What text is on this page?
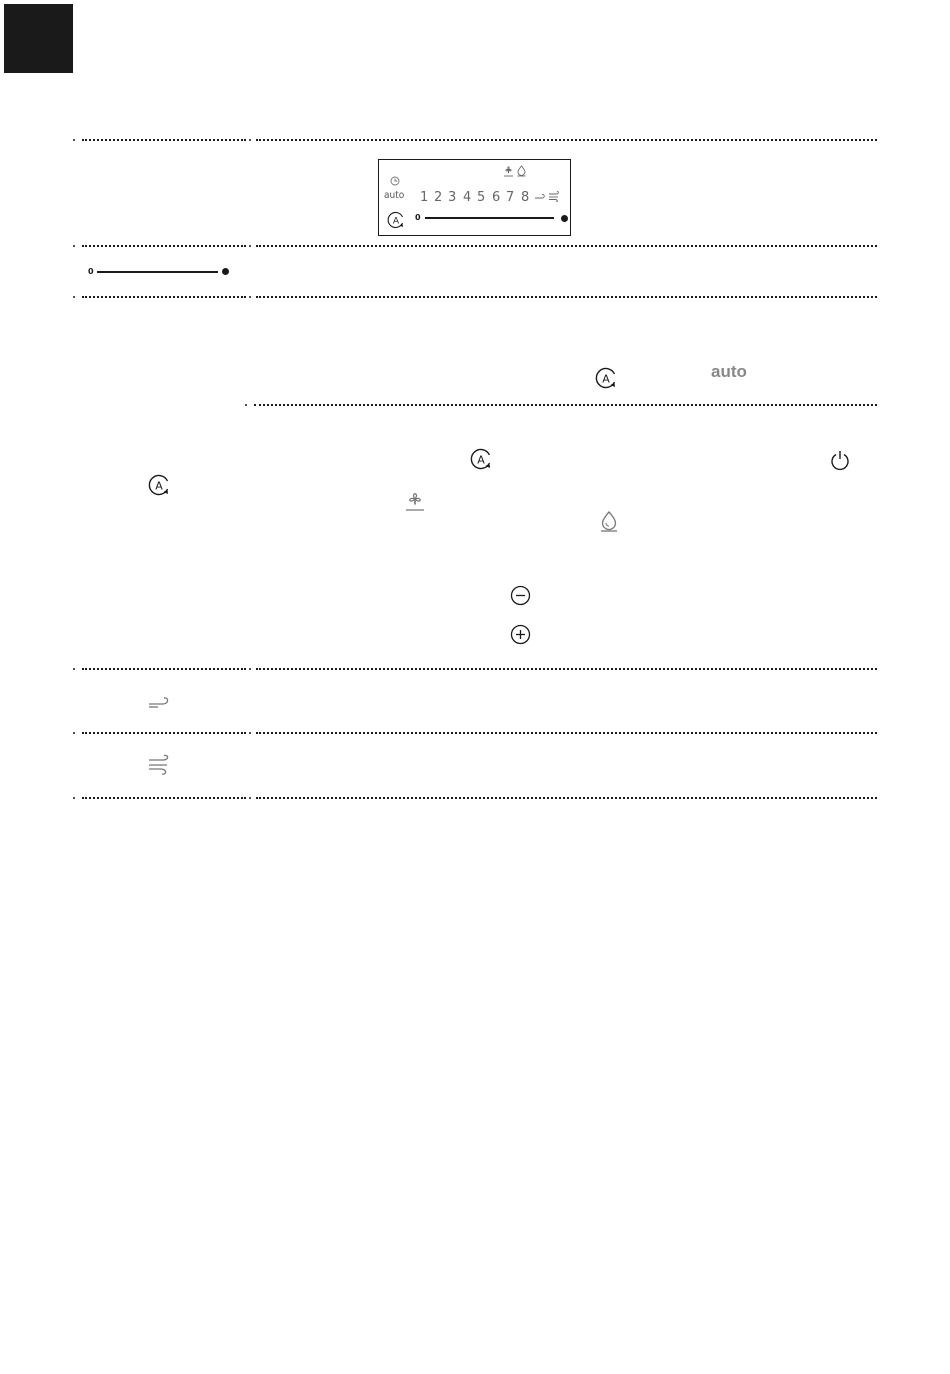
auto 1 2 3 4 5 6 7 8
A 0
0
A	auto
A
A
